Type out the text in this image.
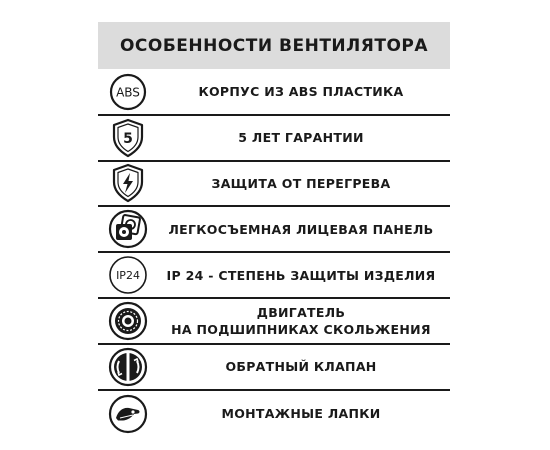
ОСОБЕННОСТИ ВЕНТИЛЯТОРА
ABS	КОРПУС ИЗ ABS ПЛАСТИКА
5	5 ЛЕТ ГАРАНТИИ
ЗАЩИТА ОТ ПЕРЕГРЕВА
ЛЕГКОСЪЕМНАЯ ЛИЦЕВАЯ ПАНЕЛЬ
IP24	IP 24 - СТЕПЕНЬ ЗАЩИТЫ ИЗДЕЛИЯ
ДВИГАТЕЛЬ
НА ПОДШИПНИКАХ СКОЛЬЖЕНИЯ
ОБРАТНЫЙ КЛАПАН
МОНТАЖНЫЕ ЛАПКИ
